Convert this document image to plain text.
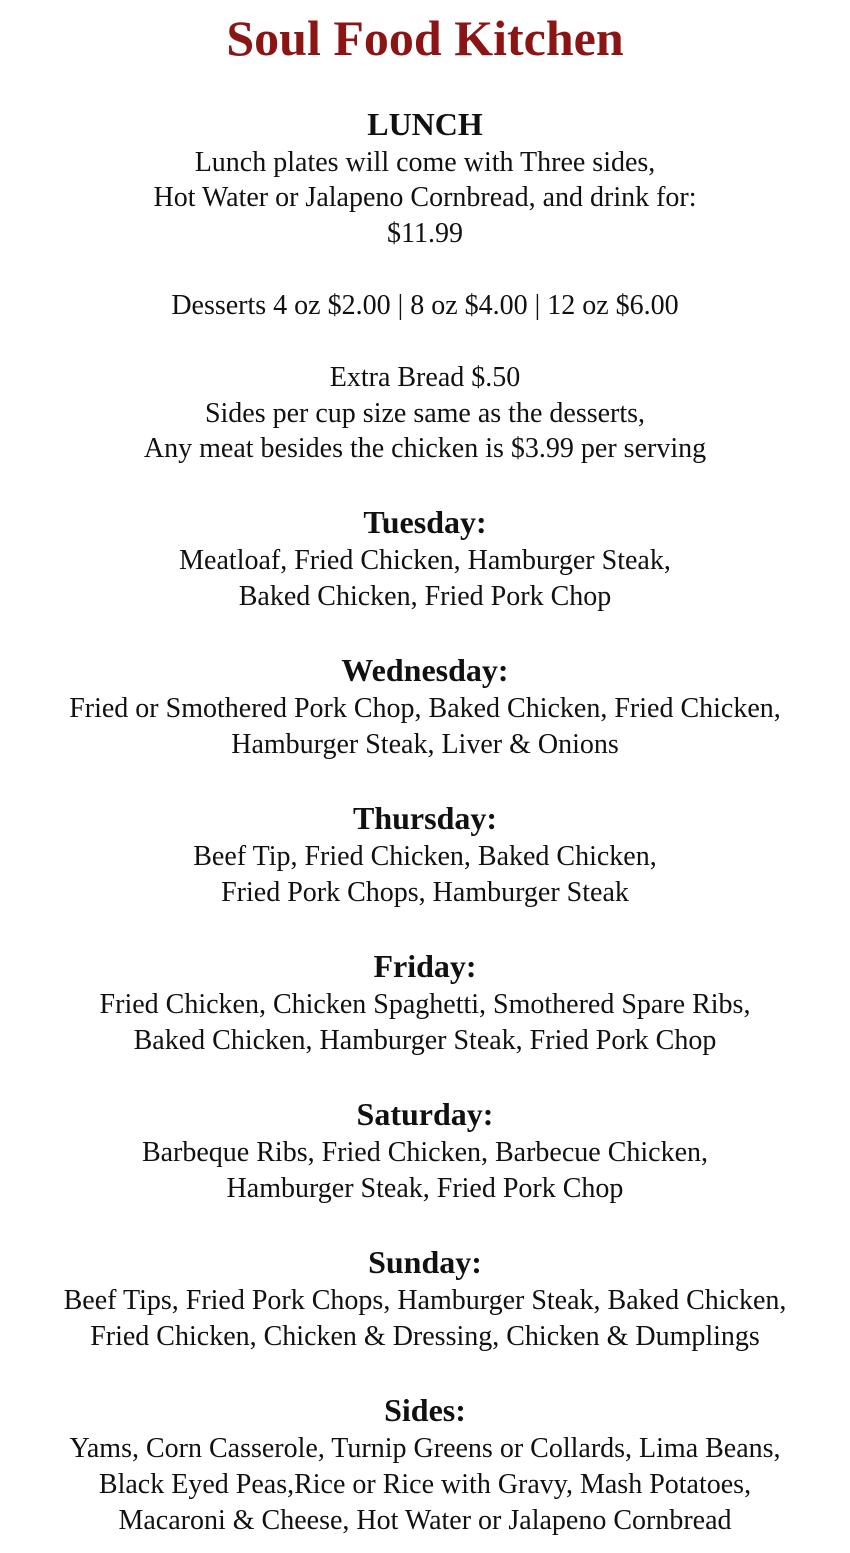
Soul Food Kitchen
LUNCH
Lunch plates will come with Three sides,
Hot Water or Jalapeno Cornbread, and drink for:
$11.99
Desserts 4 oz $2.00 | 8 oz $4.00 | 12 oz $6.00
Extra Bread $.50
Sides per cup size same as the desserts,
Any meat besides the chicken is $3.99 per serving
Tuesday:
Meatloaf, Fried Chicken, Hamburger Steak,
Baked Chicken, Fried Pork Chop
Wednesday:
Fried or Smothered Pork Chop, Baked Chicken, Fried Chicken,
Hamburger Steak, Liver & Onions
Thursday:
Beef Tip, Fried Chicken, Baked Chicken,
Fried Pork Chops, Hamburger Steak
Friday:
Fried Chicken, Chicken Spaghetti, Smothered Spare Ribs,
Baked Chicken, Hamburger Steak, Fried Pork Chop
Saturday:
Barbeque Ribs, Fried Chicken, Barbecue Chicken,
Hamburger Steak, Fried Pork Chop
Sunday:
Beef Tips, Fried Pork Chops, Hamburger Steak, Baked Chicken,
Fried Chicken, Chicken & Dressing, Chicken & Dumplings
Sides:
Yams, Corn Casserole, Turnip Greens or Collards, Lima Beans,
Black Eyed Peas,Rice or Rice with Gravy, Mash Potatoes,
Macaroni & Cheese, Hot Water or Jalapeno Cornbread
